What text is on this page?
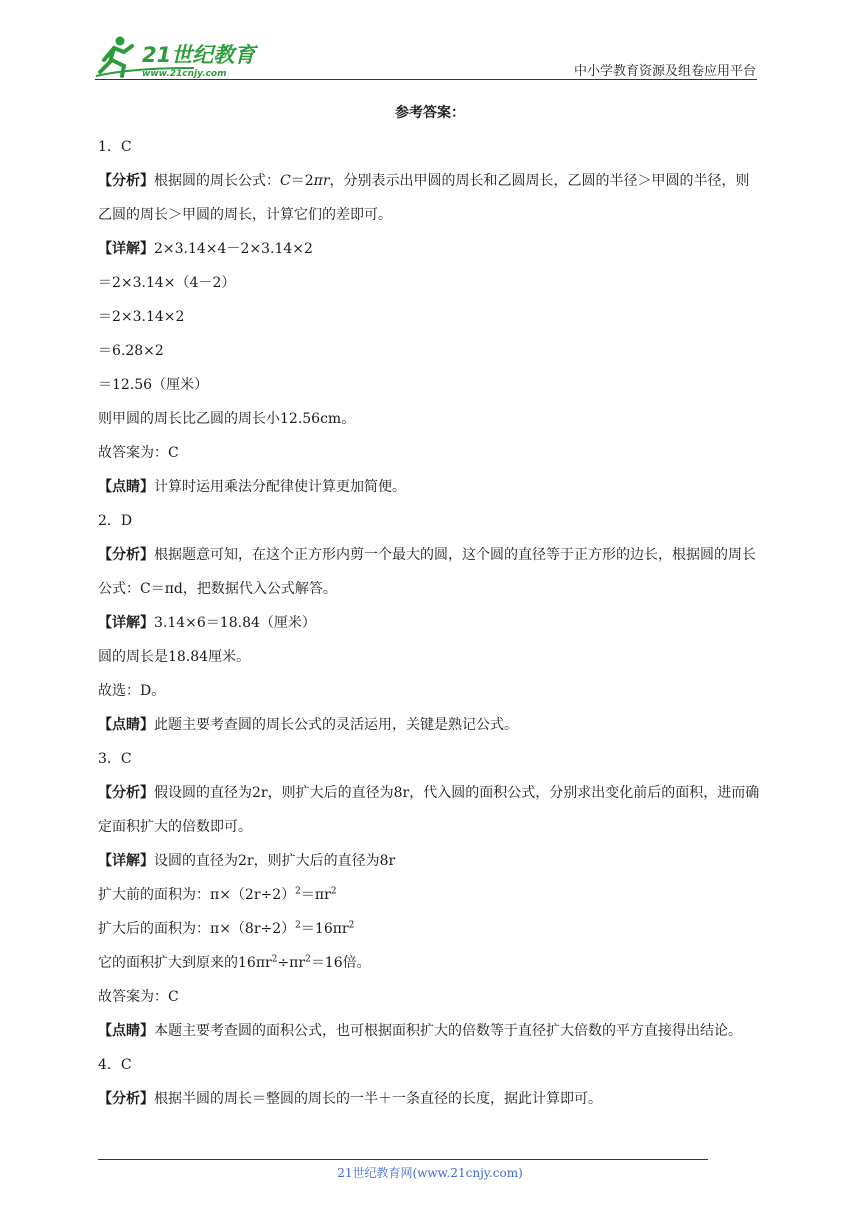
21世纪教育
www.21cnjy.com	中小学教育资源及组卷应用平台
参考答案：
1．C
【分析】根据圆的周长公式：C＝2πr，分别表示出甲圆的周长和乙圆周长，乙圆的半径＞甲圆的半径，则乙圆的周长＞甲圆的周长，计算它们的差即可。
【详解】2×3.14×4－2×3.14×2
＝2×3.14×（4－2）
＝2×3.14×2
＝6.28×2
＝12.56（厘米）
则甲圆的周长比乙圆的周长小12.56cm。
故答案为：C
【点睛】计算时运用乘法分配律使计算更加简便。
2．D
【分析】根据题意可知，在这个正方形内剪一个最大的圆，这个圆的直径等于正方形的边长，根据圆的周长公式：C＝πd，把数据代入公式解答。
【详解】3.14×6＝18.84（厘米）
圆的周长是18.84厘米。
故选：D。
【点睛】此题主要考查圆的周长公式的灵活运用，关键是熟记公式。
3．C
【分析】假设圆的直径为2r，则扩大后的直径为8r，代入圆的面积公式，分别求出变化前后的面积，进而确定面积扩大的倍数即可。
【详解】设圆的直径为2r，则扩大后的直径为8r
扩大前的面积为：$\pi\times(2r\div 2)^2=\pi r^2$
扩大后的面积为：$\pi\times(8r\div 2)^2=16\pi r^2$
它的面积扩大到原来的$16\pi r^2\div\pi r^2=16$倍。
故答案为：C
【点睛】本题主要考查圆的面积公式，也可根据面积扩大的倍数等于直径扩大倍数的平方直接得出结论。
4．C
【分析】根据半圆的周长＝整圆的周长的一半＋一条直径的长度，据此计算即可。
21世纪教育网(www.21cnjy.com)
